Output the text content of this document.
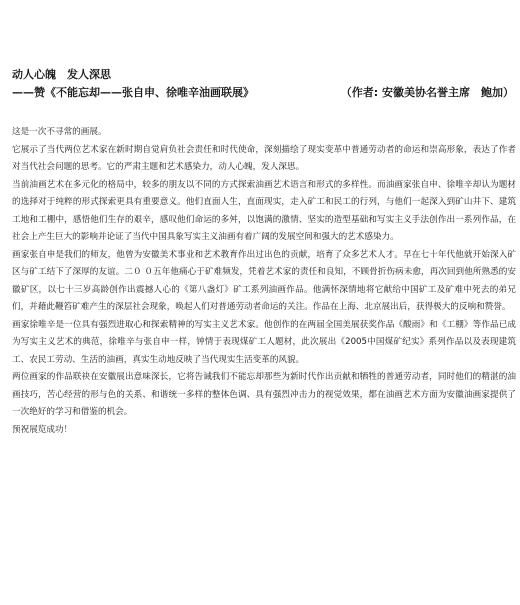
动人心魄　发人深思
——赞《不能忘却——张自申、徐唯辛油画联展》	（作者: 安徽美协名誉主席　鲍加）

这是一次不寻常的画展。

它展示了当代两位艺术家在新时期自觉肩负社会责任和时代使命，深刻描绘了现实变革中普通劳动者的命运和崇高形象，表达了作者对当代社会问题的思考。它的严肃主题和艺术感染力，动人心魄，发人深思。

当前油画艺术在多元化的格局中，较多的朋友以不同的方式探索油画艺术语言和形式的多样性。而油画家张自申、徐唯辛却认为题材的选择对于纯粹的形式探索更具有重要意义。他们直面人生，直面现实，走入矿工和民工的行列，与他们一起深入到矿山井下、建筑工地和工棚中，感悟他们生存的艰辛，感叹他们命运的多舛，以饱满的激情、坚实的造型基础和写实主义手法创作出一系列作品，在社会上产生巨大的影响并论证了当代中国具象写实主义油画有着广阔的发展空间和强大的艺术感染力。

画家张自申是我们的师友，他曾为安徽美术事业和艺术教育作出过出色的贡献，培育了众多艺术人才。早在七十年代他就开始深入矿区与矿工结下了深厚的友谊。二０ ０五年他痛心于矿难频发，凭着艺术家的责任和良知，不顾骨折伤病未愈，再次回到他所熟悉的安徽矿区，以七十三岁高龄创作出震撼人心的《第八盏灯》矿工系列油画作品。他满怀深情地将它献给中国矿工及矿难中死去的弟兄们，并藉此鞭笞矿难产生的深层社会现象，唤起人们对普通劳动者命运的关注。作品在上海、北京展出后，获得极大的反响和赞誉。

画家徐唯辛是一位具有强烈进取心和探索精神的写实主义艺术家。他创作的在两届全国美展获奖作品《酸雨》和《工棚》等作品已成为写实主义艺术的典范，徐唯辛与张自申一样，钟情于表现煤矿工人题材，此次展出《2005中国煤矿纪实》系列作品以及表现建筑工、农民工劳动、生活的油画，真实生动地反映了当代现实生活变革的风貌。

两位画家的作品联袂在安徽展出意味深长，它将告诫我们不能忘却那些为新时代作出贡献和牺牲的普通劳动者，同时他们的精湛的油画技巧，苦心经营的形与色的关系、和谐统一多样的整体色调、具有强烈冲击力的视觉效果，都在油画艺术方面为安徽油画家提供了一次绝好的学习和借鉴的机会。

预祝展览成功！
